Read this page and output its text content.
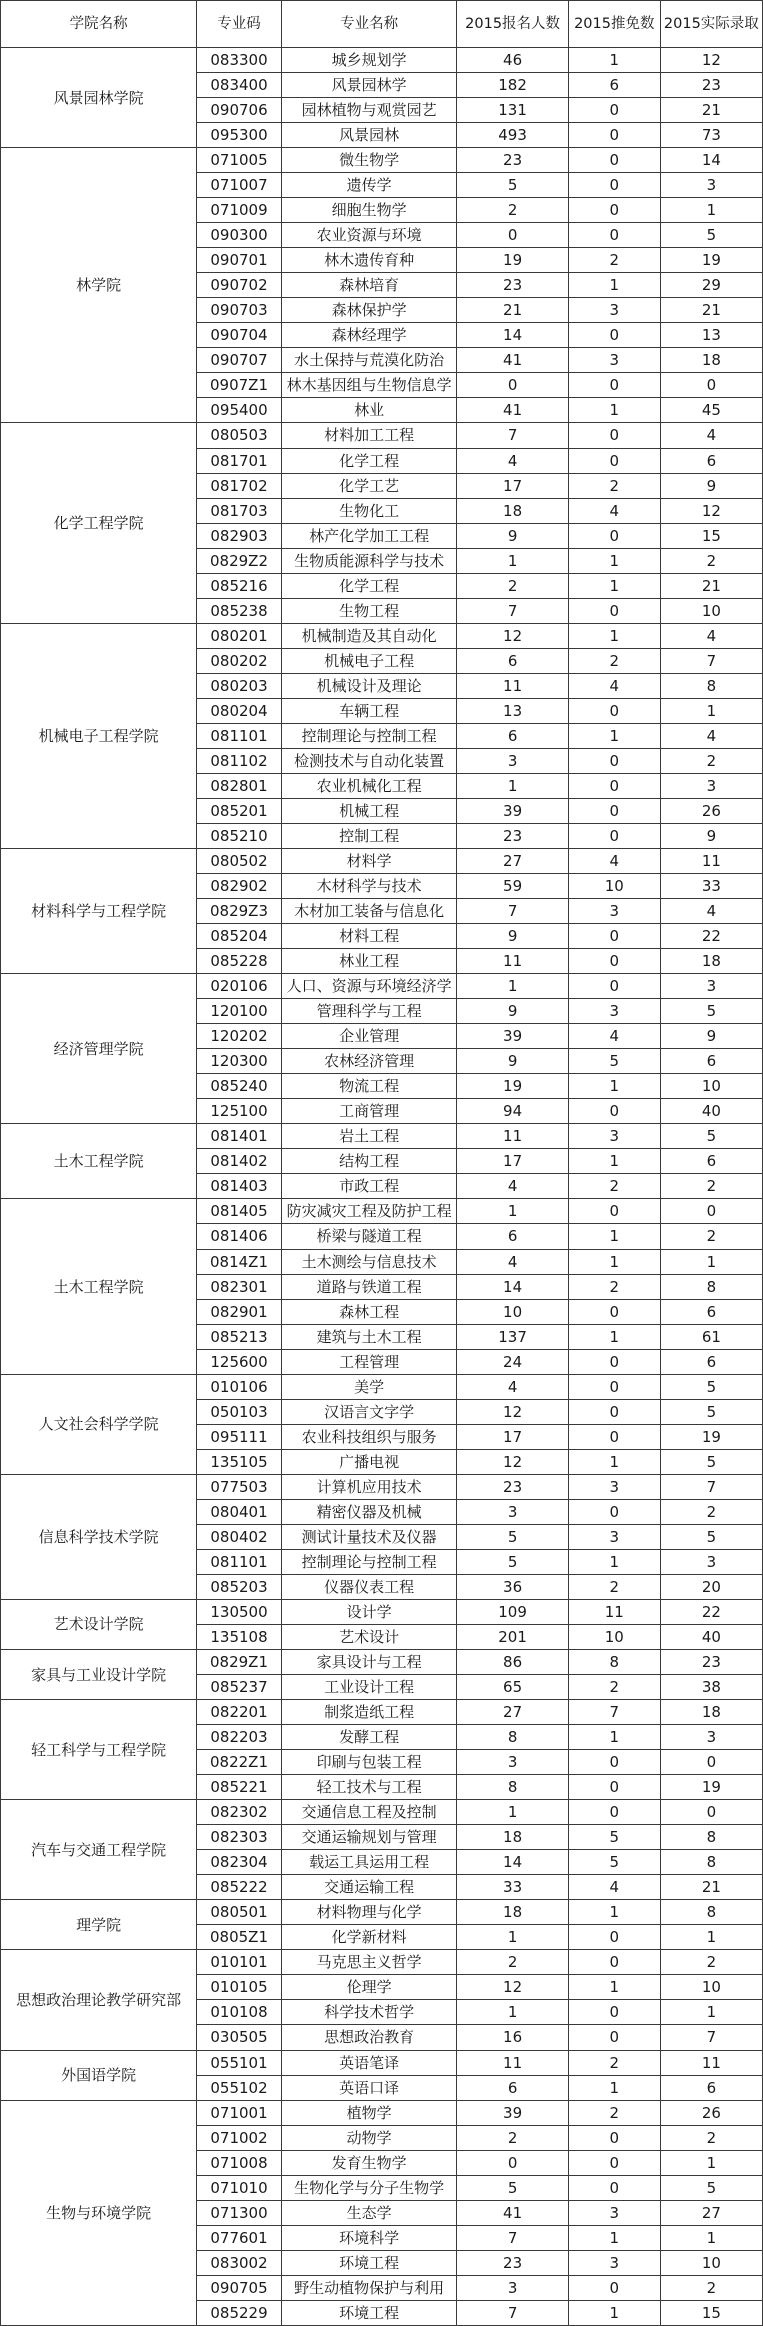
学院名称	专业码	专业名称	2015报名人数	2015推免数	2015实际录取
风景园林学院	083300	城乡规划学	46	1	12
	083400	风景园林学	182	6	23
	090706	园林植物与观赏园艺	131	0	21
	095300	风景园林	493	0	73
林学院	071005	微生物学	23	0	14
	071007	遗传学	5	0	3
	071009	细胞生物学	2	0	1
	090300	农业资源与环境	0	0	5
	090701	林木遗传育种	19	2	19
	090702	森林培育	23	1	29
	090703	森林保护学	21	3	21
	090704	森林经理学	14	0	13
	090707	水土保持与荒漠化防治	41	3	18
	0907Z1	林木基因组与生物信息学	0	0	0
	095400	林业	41	1	45
化学工程学院	080503	材料加工工程	7	0	4
	081701	化学工程	4	0	6
	081702	化学工艺	17	2	9
	081703	生物化工	18	4	12
	082903	林产化学加工工程	9	0	15
	0829Z2	生物质能源科学与技术	1	1	2
	085216	化学工程	2	1	21
	085238	生物工程	7	0	10
机械电子工程学院	080201	机械制造及其自动化	12	1	4
	080202	机械电子工程	6	2	7
	080203	机械设计及理论	11	4	8
	080204	车辆工程	13	0	1
	081101	控制理论与控制工程	6	1	4
	081102	检测技术与自动化装置	3	0	2
	082801	农业机械化工程	1	0	3
	085201	机械工程	39	0	26
	085210	控制工程	23	0	9
材料科学与工程学院	080502	材料学	27	4	11
	082902	木材科学与技术	59	10	33
	0829Z3	木材加工装备与信息化	7	3	4
	085204	材料工程	9	0	22
	085228	林业工程	11	0	18
经济管理学院	020106	人口、资源与环境经济学	1	0	3
	120100	管理科学与工程	9	3	5
	120202	企业管理	39	4	9
	120300	农林经济管理	9	5	6
	085240	物流工程	19	1	10
	125100	工商管理	94	0	40
土木工程学院	081401	岩土工程	11	3	5
	081402	结构工程	17	1	6
	081403	市政工程	4	2	2
土木工程学院	081405	防灾减灾工程及防护工程	1	0	0
	081406	桥梁与隧道工程	6	1	2
	0814Z1	土木测绘与信息技术	4	1	1
	082301	道路与铁道工程	14	2	8
	082901	森林工程	10	0	6
	085213	建筑与土木工程	137	1	61
	125600	工程管理	24	0	6
人文社会科学学院	010106	美学	4	0	5
	050103	汉语言文字学	12	0	5
	095111	农业科技组织与服务	17	0	19
	135105	广播电视	12	1	5
信息科学技术学院	077503	计算机应用技术	23	3	7
	080401	精密仪器及机械	3	0	2
	080402	测试计量技术及仪器	5	3	5
	081101	控制理论与控制工程	5	1	3
	085203	仪器仪表工程	36	2	20
艺术设计学院	130500	设计学	109	11	22
	135108	艺术设计	201	10	40
家具与工业设计学院	0829Z1	家具设计与工程	86	8	23
	085237	工业设计工程	65	2	38
轻工科学与工程学院	082201	制浆造纸工程	27	7	18
	082203	发酵工程	8	1	3
	0822Z1	印刷与包装工程	3	0	0
	085221	轻工技术与工程	8	0	19
汽车与交通工程学院	082302	交通信息工程及控制	1	0	0
	082303	交通运输规划与管理	18	5	8
	082304	载运工具运用工程	14	5	8
	085222	交通运输工程	33	4	21
理学院	080501	材料物理与化学	18	1	8
	0805Z1	化学新材料	1	0	1
思想政治理论教学研究部	010101	马克思主义哲学	2	0	2
	010105	伦理学	12	1	10
	010108	科学技术哲学	1	0	1
	030505	思想政治教育	16	0	7
外国语学院	055101	英语笔译	11	2	11
	055102	英语口译	6	1	6
生物与环境学院	071001	植物学	39	2	26
	071002	动物学	2	0	2
	071008	发育生物学	0	0	1
	071010	生物化学与分子生物学	5	0	5
	071300	生态学	41	3	27
	077601	环境科学	7	1	1
	083002	环境工程	23	3	10
	090705	野生动植物保护与利用	3	0	2
	085229	环境工程	7	1	15
